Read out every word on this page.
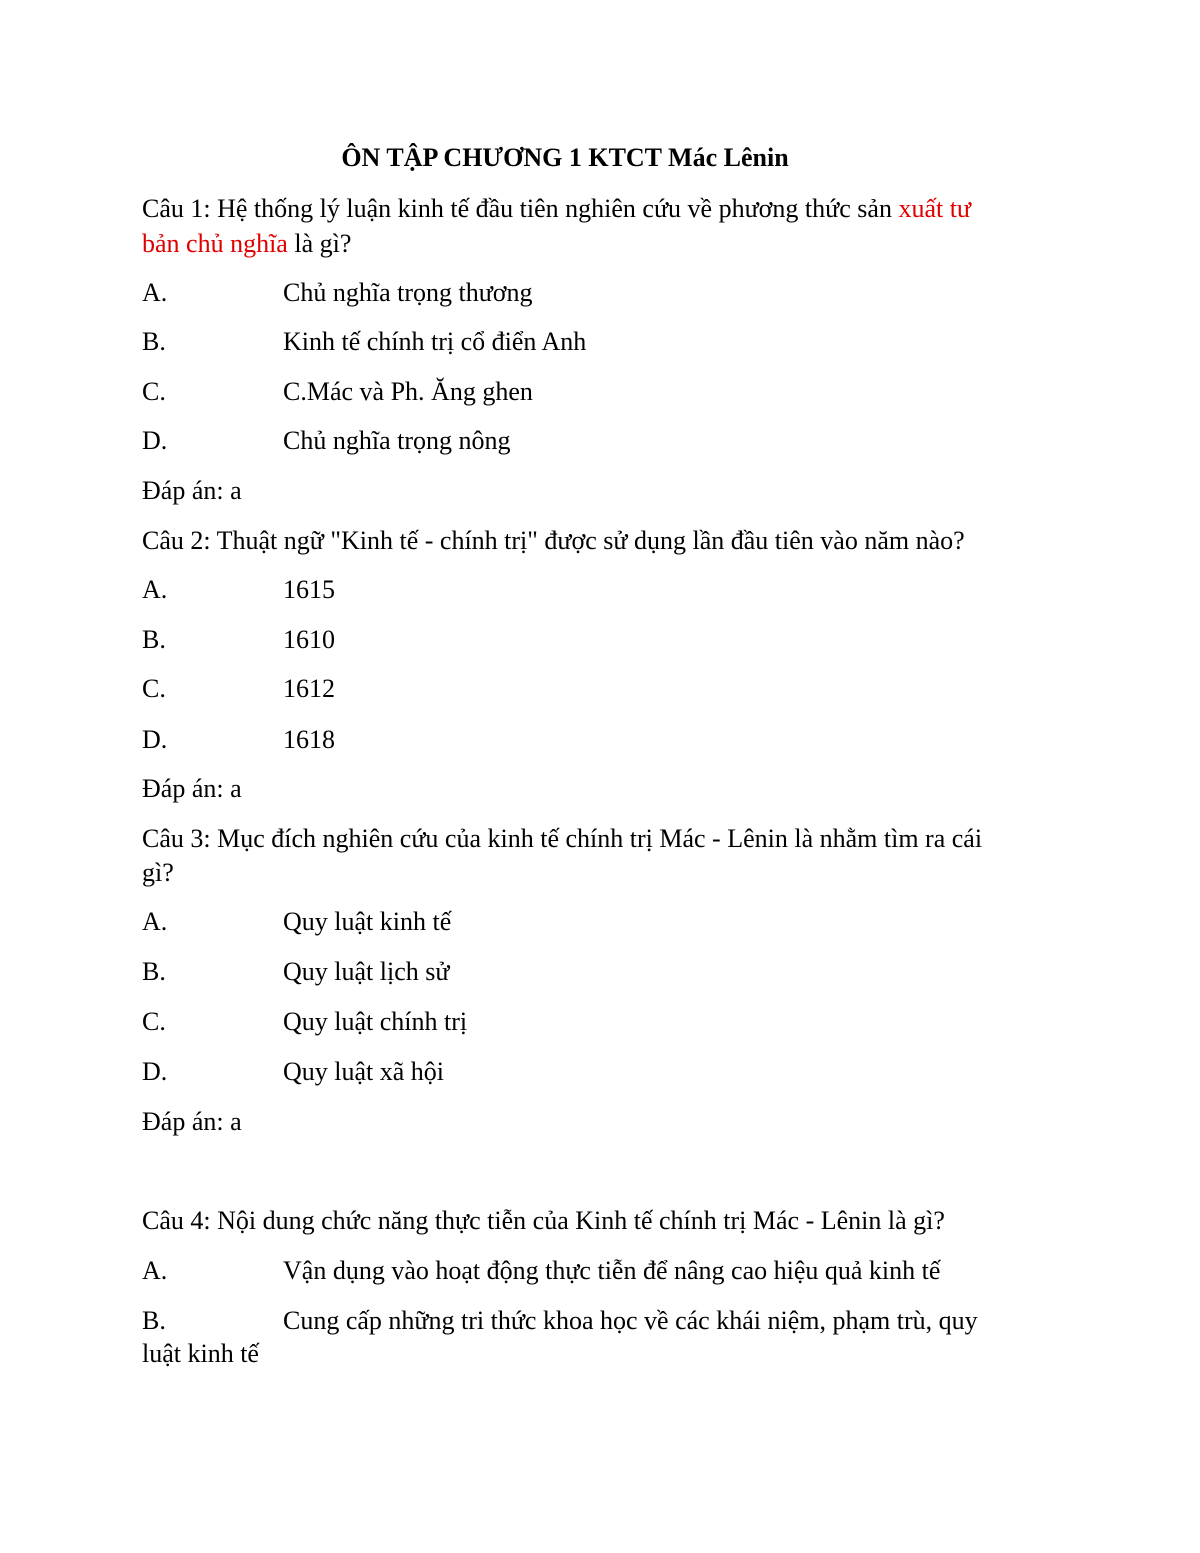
ÔN TẬP CHƯƠNG 1 KTCT Mác Lênin
Câu 1: Hệ thống lý luận kinh tế đầu tiên nghiên cứu về phương thức sản xuất tư
bản chủ nghĩa là gì?
A.	Chủ nghĩa trọng thương
B.	Kinh tế chính trị cổ điển Anh
C.	C.Mác và Ph. Ăng ghen
D.	Chủ nghĩa trọng nông
Đáp án: a
Câu 2: Thuật ngữ "Kinh tế - chính trị" được sử dụng lần đầu tiên vào năm nào?
A.	1615
B.	1610
C.	1612
D.	1618
Đáp án: a
Câu 3: Mục đích nghiên cứu của kinh tế chính trị Mác - Lênin là nhằm tìm ra cái
gì?
A.	Quy luật kinh tế
B.	Quy luật lịch sử
C.	Quy luật chính trị
D.	Quy luật xã hội
Đáp án: a
Câu 4: Nội dung chức năng thực tiễn của Kinh tế chính trị Mác - Lênin là gì?
A.	Vận dụng vào hoạt động thực tiễn để nâng cao hiệu quả kinh tế
B.	Cung cấp những tri thức khoa học về các khái niệm, phạm trù, quy
luật kinh tế
